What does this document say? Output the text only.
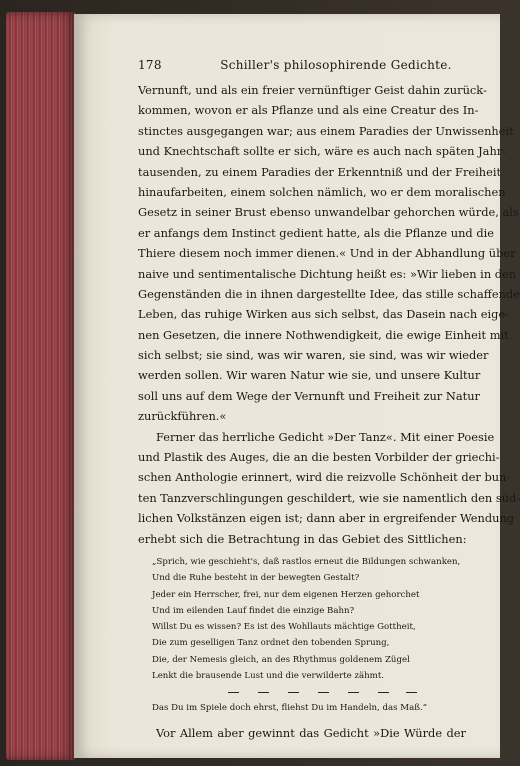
178	Schiller's philosophirende Gedichte.
Vernunft, und als ein freier vernünftiger Geist dahin zurück-
kommen, wovon er als Pflanze und als eine Creatur des In-
stinctes ausgegangen war; aus einem Paradies der Unwissenheit
und Knechtschaft sollte er sich, wäre es auch nach späten Jahr-
tausenden, zu einem Paradies der Erkenntniß und der Freiheit
hinaufarbeiten, einem solchen nämlich, wo er dem moralischen
Gesetz in seiner Brust ebenso unwandelbar gehorchen würde, als
er anfangs dem Instinct gedient hatte, als die Pflanze und die
Thiere diesem noch immer dienen.« Und in der Abhandlung über
naive und sentimentalische Dichtung heißt es: »Wir lieben in den
Gegenständen die in ihnen dargestellte Idee, das stille schaffende
Leben, das ruhige Wirken aus sich selbst, das Dasein nach eige-
nen Gesetzen, die innere Nothwendigkeit, die ewige Einheit mit
sich selbst; sie sind, was wir waren, sie sind, was wir wieder
werden sollen. Wir waren Natur wie sie, und unsere Kultur
soll uns auf dem Wege der Vernunft und Freiheit zur Natur
zurückführen.«
Ferner das herrliche Gedicht »Der Tanz«. Mit einer Poesie
und Plastik des Auges, die an die besten Vorbilder der griechi-
schen Anthologie erinnert, wird die reizvolle Schönheit der bun-
ten Tanzverschlingungen geschildert, wie sie namentlich den süd-
lichen Volkstänzen eigen ist; dann aber in ergreifender Wendung
erhebt sich die Betrachtung in das Gebiet des Sittlichen:
„Sprich, wie geschieht's, daß rastlos erneut die Bildungen schwanken,
Und die Ruhe besteht in der bewegten Gestalt?
Jeder ein Herrscher, frei, nur dem eigenen Herzen gehorchet
Und im eilenden Lauf findet die einzige Bahn?
Willst Du es wissen? Es ist des Wohllauts mächtige Gottheit,
Die zum geselligen Tanz ordnet den tobenden Sprung,
Die, der Nemesis gleich, an des Rhythmus goldenem Zügel
Lenkt die brausende Lust und die verwilderte zähmt.
Das Du im Spiele doch ehrst, fliehst Du im Handeln, das Maß.“
Vor Allem aber gewinnt das Gedicht »Die Würde der
